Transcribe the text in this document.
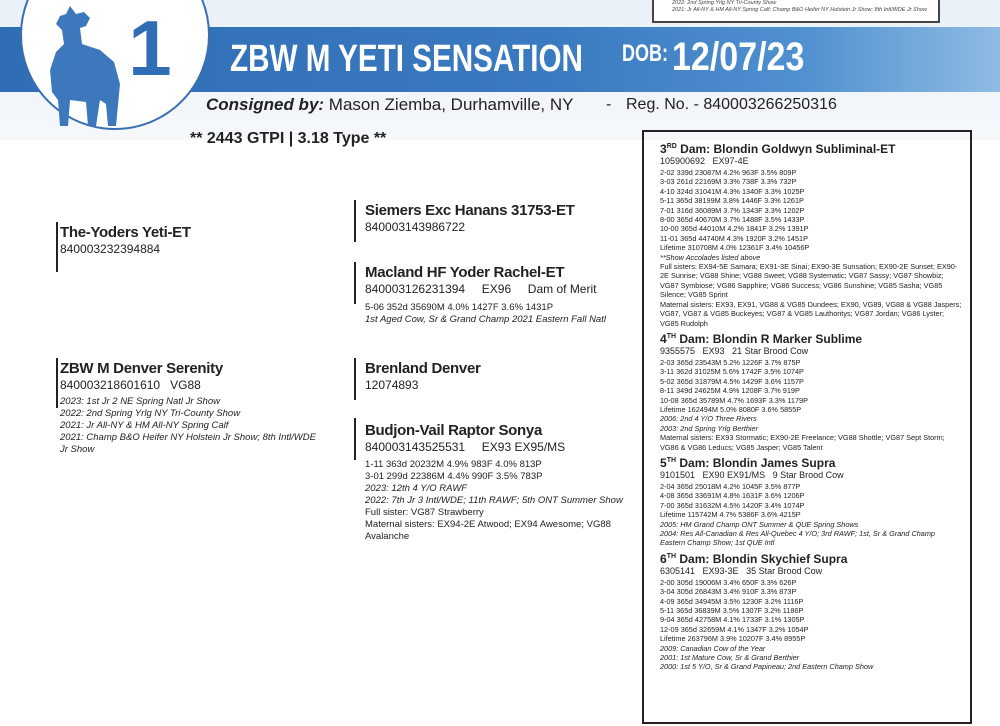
2022: 2nd Spring Yrlg NY Tri-County Show
2021: Jr All-NY & HM All-NY Spring Calf; Champ B&O Heifer NY Holstein Jr Show; 8th Intl/WDE Jr Show
1	ZBW M YETI SENSATION DOB: 12/07/23
Consigned by: Mason Ziemba, Durhamville, NY - Reg. No. - 840003266250316
** 2443 GTPI | 3.18 Type **
The-Yoders Yeti-ET
840003232394884
Siemers Exc Hanans 31753-ET
840003143986722
Macland HF Yoder Rachel-ET
840003126231394     EX96     Dam of Merit
5-06 352d 35690M 4.0% 1427F 3.6% 1431P
1st Aged Cow, Sr & Grand Champ 2021 Eastern Fall Natl
ZBW M Denver Serenity
840003218601610   VG88
2023: 1st Jr 2 NE Spring Natl Jr Show
2022: 2nd Spring Yrlg NY Tri-County Show
2021: Jr All-NY & HM All-NY Spring Calf
2021: Champ B&O Heifer NY Holstein Jr Show; 8th Intl/WDE
Jr Show
Brenland Denver
12074893
Budjon-Vail Raptor Sonya
840003143525531     EX93 EX95/MS
1-11 363d 20232M 4.9% 983F 4.0% 813P
3-01 299d 22386M 4.4% 990F 3.5% 783P
2023: 12th 4 Y/O RAWF
2022: 7th Jr 3 Intl/WDE; 11th RAWF; 5th ONT Summer Show
Full sister: VG87 Strawberry
Maternal sisters: EX94-2E Atwood; EX94 Awesome; VG88
Avalanche
3RD Dam: Blondin Goldwyn Subliminal-ET
105900692   EX97-4E
2-02 339d 23087M 4.2% 963F 3.5% 809P
3-03 261d 22169M 3.3% 738F 3.3% 732P
4-10 324d 31041M 4.3% 1340F 3.3% 1025P
5-11 365d 38199M 3.8% 1446F 3.3% 1261P
7-01 316d 36089M 3.7% 1343F 3.3% 1202P
8-00 365d 40670M 3.7% 1488F 3.5% 1433P
10-00 365d 44010M 4.2% 1841F 3.2% 1391P
11-01 365d 44740M 4.3% 1920F 3.2% 1451P
Lifetime 310708M 4.0% 12361F 3.4% 10456P
**Show Accolades listed above
Full sisters: EX94-5E Samara; EX91-3E Sinai; EX90-3E Sunsation; EX90-2E Sunset; EX90-2E Sunrise; VG88 Shine; VG88 Sweet; VG88 Systematic; VG87 Sassy; VG87 Showbiz; VG87 Symbiose; VG86 Sapphire; VG86 Success; VG86 Sunshine; VG85 Sasha; VG85 Silence; VG85 Sprint
Maternal sisters: EX93, EX91, VG88 & VG85 Dundees; EX90, VG89, VG88 & VG88 Jaspers; VG87, VG87 & VG85 Buckeyes; VG87 & VG85 Lauthoritys; VG87 Jordan; VG86 Lyster; VG85 Rudolph
4TH Dam: Blondin R Marker Sublime
9355575   EX93   21 Star Brood Cow
2-03 365d 23543M 5.2% 1226F 3.7% 875P
3-11 362d 31025M 5.6% 1742F 3.5% 1074P
5-02 365d 31879M 4.5% 1429F 3.6% 1157P
8-11 349d 24625M 4.9% 1208F 3.7% 919P
10-08 365d 35789M 4.7% 1693F 3.3% 1179P
Lifetime 162494M 5.0% 8080F 3.6% 5855P
2006: 2nd 4 Y/O Three Rivers
2003: 2nd Spring Yrlg Berthier
Maternal sisters: EX93 Stormatic; EX90-2E Freelance; VG88 Shottle; VG87 Sept Storm; VG86 & VG86 Leducs; VG85 Jasper; VG85 Talent
5TH Dam: Blondin James Supra
9101501   EX90 EX91/MS   9 Star Brood Cow
2-04 365d 25018M 4.2% 1045F 3.5% 877P
4-08 365d 33691M 4.8% 1631F 3.6% 1206P
7-00 365d 31632M 4.5% 1420F 3.4% 1074P
Lifetime 115742M 4.7% 5386F 3.6% 4215P
2005: HM Grand Champ ONT Summer & QUE Spring Shows
2004: Res All-Canadian & Res All-Quebec 4 Y/O; 3rd RAWF; 1st, Sr & Grand Champ
Eastern Champ Show; 1st QUE Intl
6TH Dam: Blondin Skychief Supra
6305141   EX93-3E   35 Star Brood Cow
2-00 305d 19006M 3.4% 650F 3.3% 626P
3-04 305d 26843M 3.4% 910F 3.3% 873P
4-09 365d 34945M 3.5% 1230F 3.2% 1116P
5-11 365d 36839M 3.5% 1307F 3.2% 1186P
9-04 365d 42758M 4.1% 1733F 3.1% 1305P
12-09 365d 32659M 4.1% 1347F 3.2% 1054P
Lifetime 263796M 3.9% 10207F 3.4% 8955P
2009: Canadian Cow of the Year
2001: 1st Mature Cow, Sr & Grand Berthier
2000: 1st 5 Y/O, Sr & Grand Papineau; 2nd Eastern Champ Show
